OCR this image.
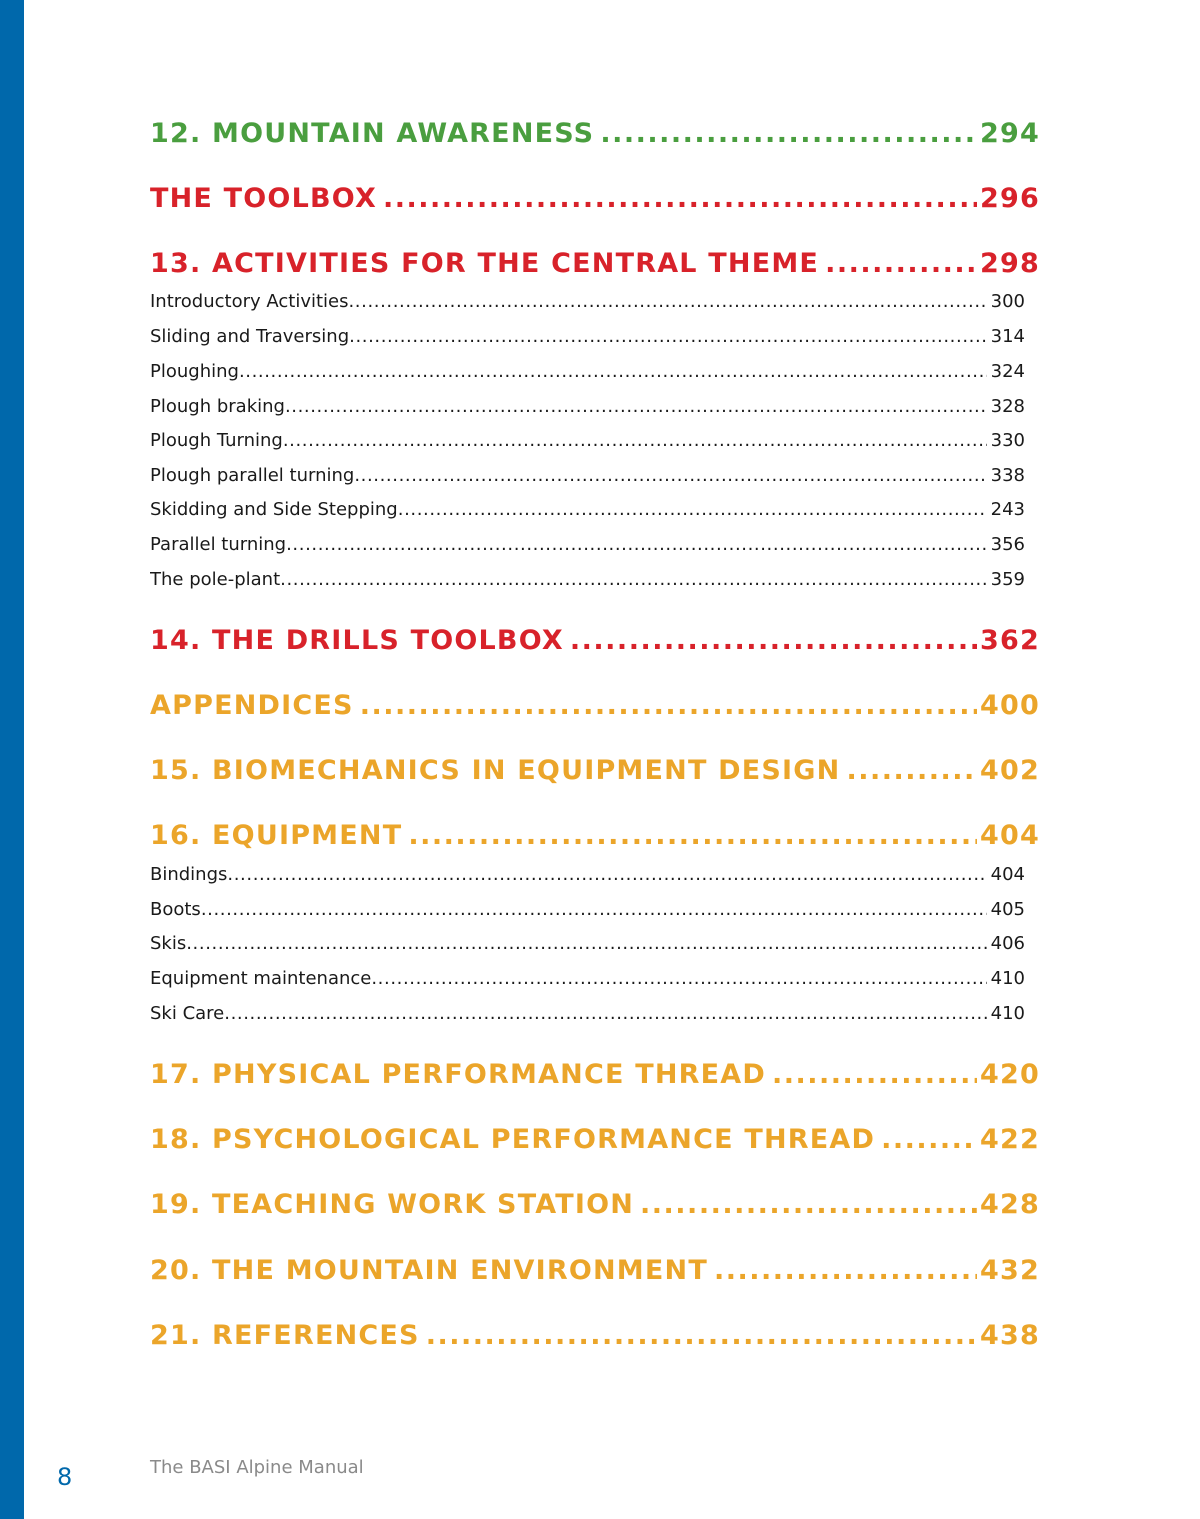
12. MOUNTAIN AWARENESS .....	294
THE TOOLBOX .....	296
13. ACTIVITIES FOR THE CENTRAL THEME .....	298
Introductory Activities .....	300
Sliding and Traversing .....	314
Ploughing .....	324
Plough braking .....	328
Plough Turning .....	330
Plough parallel turning .....	338
Skidding and Side Stepping .....	243
Parallel turning .....	356
The pole-plant .....	359
14. THE DRILLS TOOLBOX .....	362
APPENDICES .....	400
15. BIOMECHANICS IN EQUIPMENT DESIGN .....	402
16. EQUIPMENT .....	404
Bindings .....	404
Boots .....	405
Skis .....	406
Equipment maintenance .....	410
Ski Care .....	410
17. PHYSICAL PERFORMANCE THREAD .....	420
18. PSYCHOLOGICAL PERFORMANCE THREAD .....	422
19. TEACHING WORK STATION .....	428
20. THE MOUNTAIN ENVIRONMENT .....	432
21. REFERENCES .....	438
8	The BASI Alpine Manual
